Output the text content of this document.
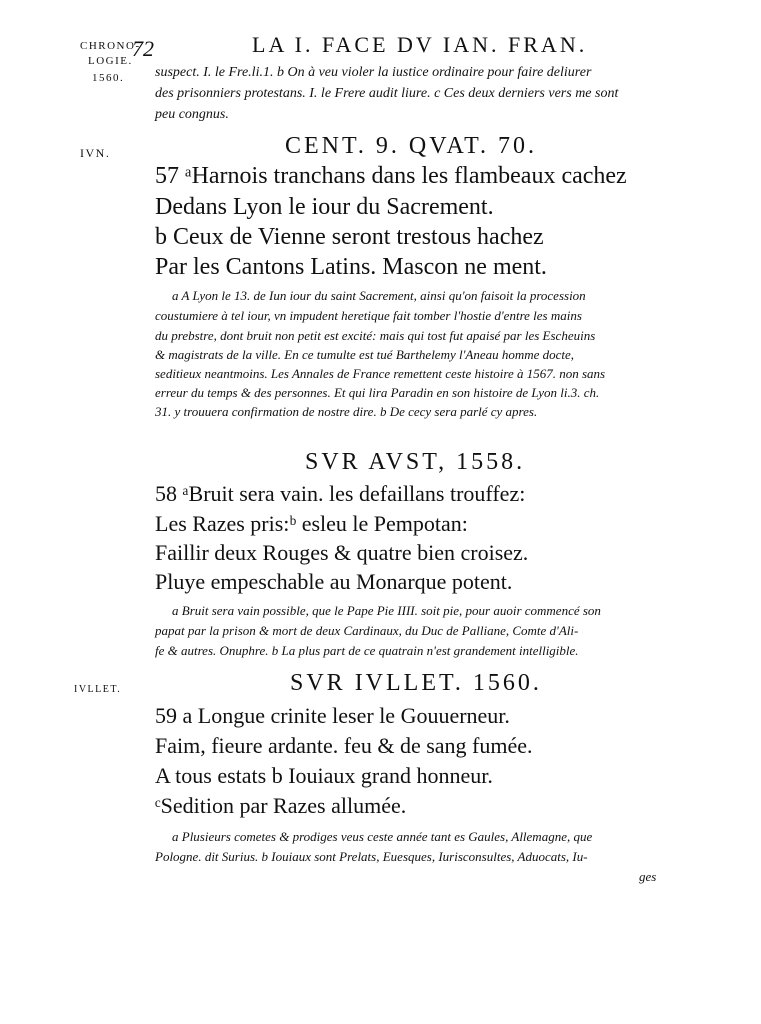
CHRONO-
LOGIE.
1560.
72	LA I. FACE DV IAN. FRAN.
suspect. I. le Fre.li.1. b On à veu violer la iustice ordinaire pour faire deliurer
des prisonniers protestans. I. le Frere audit liure. c Ces deux derniers vers me sont
peu congnus.
IVN.	CENT. 9. QVAT. 70.
57 ᵃHarnois tranchans dans les flambeaux cachez
Dedans Lyon le iour du Sacrement.
b Ceux de Vienne seront trestous hachez
Par les Cantons Latins. Mascon ne ment.
a A Lyon le 13. de Iun iour du saint Sacrement, ainsi qu'on faisoit la procession
coustumiere à tel iour, vn impudent heretique fait tomber l'hostie d'entre les mains
du prebstre, dont bruit non petit est excité: mais qui tost fut apaisé par les Escheuins
& magistrats de la ville. En ce tumulte est tué Barthelemy l'Aneau homme docte,
seditieux neantmoins. Les Annales de France remettent ceste histoire à 1567. non sans
erreur du temps & des personnes. Et qui lira Paradin en son histoire de Lyon li.3. ch.
31. y trouuera confirmation de nostre dire. b De cecy sera parlé cy apres.
SVR AVST, 1558.
58 ᵃBruit sera vain. les defaillans trouffez:
Les Razes pris:ᵇ esleu le Pempotan:
Faillir deux Rouges & quatre bien croisez.
Pluye empeschable au Monarque potent.
a Bruit sera vain possible, que le Pape Pie IIII. soit pie, pour auoir commencé son
papat par la prison & mort de deux Cardinaux, du Duc de Palliane, Comte d'Ali-
fe & autres. Onuphre. b La plus part de ce quatrain n'est grandement intelligible.
IVLLET.	SVR IVLLET. 1560.
59 a Longue crinite leser le Gouuerneur.
Faim, fieure ardante. feu & de sang fumée.
A tous estats b Iouiaux grand honneur.
ᶜSedition par Razes allumée.
a Plusieurs cometes & prodiges veus ceste année tant es Gaules, Allemagne, que
Pologne. dit Surius. b Iouiaux sont Prelats, Euesques, Iurisconsultes, Aduocats, Iu-
ges
